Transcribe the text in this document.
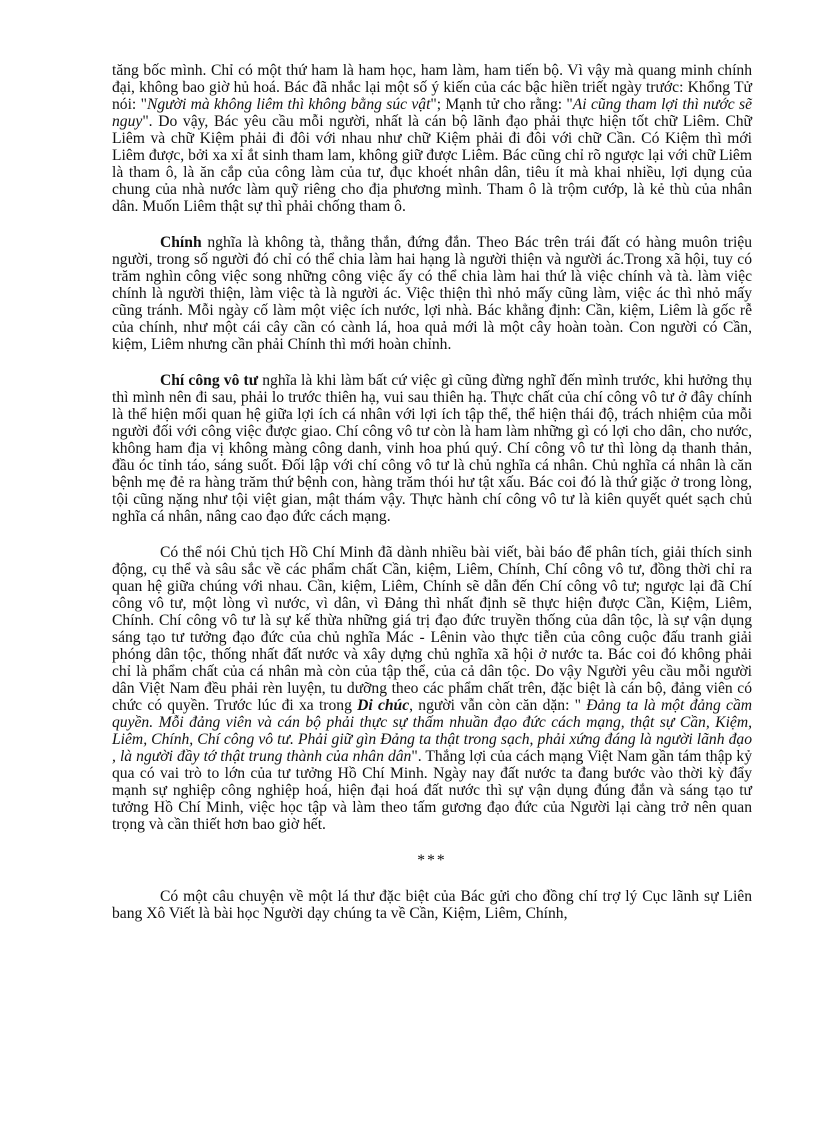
tăng bốc mình. Chỉ có một thứ ham là ham học, ham làm, ham tiến bộ. Vì vậy mà quang minh chính đại, không bao giờ hủ hoá. Bác đã nhắc lại một số ý kiến của các bậc hiền triết ngày trước: Khổng Tử nói: "Người mà không liêm thì không bằng súc vật"; Mạnh tử cho rằng: "Ai cũng tham lợi thì nước sẽ nguy". Do vậy, Bác yêu cầu mỗi người, nhất là cán bộ lãnh đạo phải thực hiện tốt chữ Liêm. Chữ Liêm và chữ Kiệm phải đi đôi với nhau như chữ Kiệm phải đi đôi với chữ Cần. Có Kiệm thì mới Liêm được, bởi xa xỉ ắt sinh tham lam, không giữ được Liêm. Bác cũng chỉ rõ ngược lại với chữ Liêm là tham ô, là ăn cắp của công làm của tư, đục khoét nhân dân, tiêu ít mà khai nhiều, lợi dụng của chung của nhà nước làm quỹ riêng cho địa phương mình. Tham ô là trộm cướp, là kẻ thù của nhân dân. Muốn Liêm thật sự thì phải chống tham ô.

Chính nghĩa là không tà, thẳng thắn, đứng đắn. Theo Bác trên trái đất có hàng muôn triệu người, trong số người đó chỉ có thể chia làm hai hạng là người thiện và người ác.Trong xã hội, tuy có trăm nghìn công việc song những công việc ấy có thể chia làm hai thứ là việc chính và tà. làm việc chính là người thiện, làm việc tà là người ác. Việc thiện thì nhỏ mấy cũng làm, việc ác thì nhỏ mấy cũng tránh. Mỗi ngày cố làm một việc ích nước, lợi nhà. Bác khẳng định: Cần, kiệm, Liêm là gốc rễ của chính, như một cái cây cần có cành lá, hoa quả mới là một cây hoàn toàn. Con người có Cần, kiệm, Liêm nhưng cần phải Chính thì mới hoàn chỉnh.

Chí công vô tư nghĩa là khi làm bất cứ việc gì cũng đừng nghĩ đến mình trước, khi hưởng thụ thì mình nên đi sau, phải lo trước thiên hạ, vui sau thiên hạ. Thực chất của chí công vô tư ở đây chính là thể hiện mối quan hệ giữa lợi ích cá nhân với lợi ích tập thể, thể hiện thái độ, trách nhiệm của mỗi người đối với công việc được giao. Chí công vô tư còn là ham làm những gì có lợi cho dân, cho nước, không ham địa vị không màng công danh, vinh hoa phú quý. Chí công vô tư thì lòng dạ thanh thản, đầu óc tỉnh táo, sáng suốt. Đối lập với chí công vô tư là chủ nghĩa cá nhân. Chủ nghĩa cá nhân là căn bệnh mẹ đẻ ra hàng trăm thứ bệnh con, hàng trăm thói hư tật xấu. Bác coi đó là thứ giặc ở trong lòng, tội cũng nặng như tội việt gian, mật thám vậy. Thực hành chí công vô tư là kiên quyết quét sạch chủ nghĩa cá nhân, nâng cao đạo đức cách mạng.

Có thể nói Chủ tịch Hồ Chí Minh đã dành nhiều bài viết, bài báo để phân tích, giải thích sinh động, cụ thể và sâu sắc về các phẩm chất Cần, kiệm, Liêm, Chính, Chí công vô tư, đồng thời chỉ ra quan hệ giữa chúng với nhau. Cần, kiệm, Liêm, Chính sẽ dẫn đến Chí công vô tư; ngược lại đã Chí công vô tư, một lòng vì nước, vì dân, vì Đảng thì nhất định sẽ thực hiện được Cần, Kiệm, Liêm, Chính. Chí công vô tư là sự kế thừa những giá trị đạo đức truyền thống của dân tộc, là sự vận dụng sáng tạo tư tưởng đạo đức của chủ nghĩa Mác - Lênin vào thực tiễn của công cuộc đấu tranh giải phóng dân tộc, thống nhất đất nước và xây dựng chủ nghĩa xã hội ở nước ta. Bác coi đó không phải chỉ là phẩm chất của cá nhân mà còn của tập thể, của cả dân tộc. Do vậy Người yêu cầu mỗi người dân Việt Nam đều phải rèn luyện, tu dưỡng theo các phẩm chất trên, đặc biệt là cán bộ, đảng viên có chức có quyền. Trước lúc đi xa trong Di chúc, người vẫn còn căn dặn: " Đảng ta là một đảng cầm quyền. Mỗi đảng viên và cán bộ phải thực sự thấm nhuần đạo đức cách mạng, thật sự Cần, Kiệm, Liêm, Chính, Chí công vô tư. Phải giữ gìn Đảng ta thật trong sạch, phải xứng đáng là người lãnh đạo , là người đầy tớ thật trung thành của nhân dân". Thắng lợi của cách mạng Việt Nam gần tám thập kỷ qua có vai trò to lớn của tư tưởng Hồ Chí Minh. Ngày nay đất nước ta đang bước vào thời kỳ đẩy mạnh sự nghiệp công nghiệp hoá, hiện đại hoá đất nước thì sự vận dụng đúng đắn và sáng tạo tư tưởng Hồ Chí Minh, việc học tập và làm theo tấm gương đạo đức của Người lại càng trở nên quan trọng và cần thiết hơn bao giờ hết.

***

Có một câu chuyện về một lá thư đặc biệt của Bác gửi cho đồng chí trợ lý Cục lãnh sự Liên bang Xô Viết là bài học Người dạy chúng ta về Cần, Kiệm, Liêm, Chính,
